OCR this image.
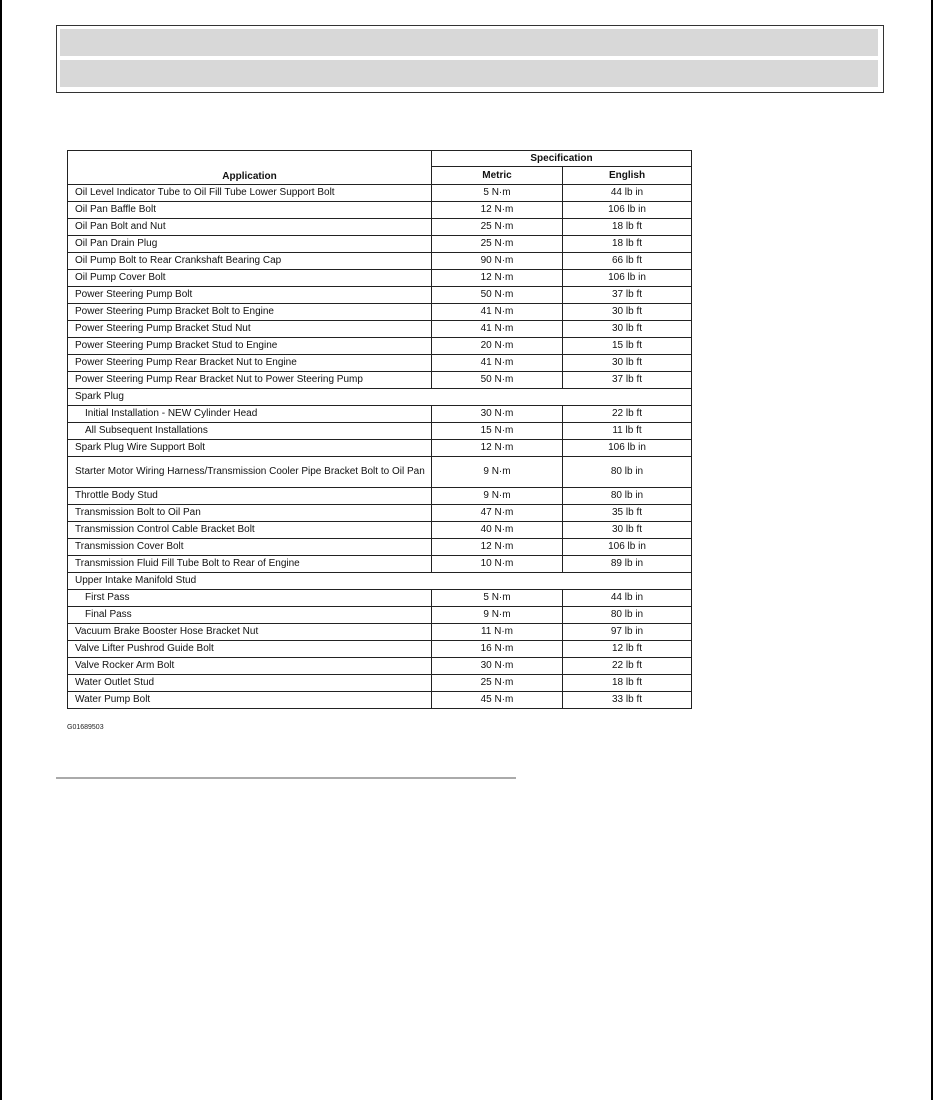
Application	Specification	
	Metric	English
Oil Level Indicator Tube to Oil Fill Tube Lower Support Bolt	5 N·m	44 lb in
Oil Pan Baffle Bolt	12 N·m	106 lb in
Oil Pan Bolt and Nut	25 N·m	18 lb ft
Oil Pan Drain Plug	25 N·m	18 lb ft
Oil Pump Bolt to Rear Crankshaft Bearing Cap	90 N·m	66 lb ft
Oil Pump Cover Bolt	12 N·m	106 lb in
Power Steering Pump Bolt	50 N·m	37 lb ft
Power Steering Pump Bracket Bolt to Engine	41 N·m	30 lb ft
Power Steering Pump Bracket Stud Nut	41 N·m	30 lb ft
Power Steering Pump Bracket Stud to Engine	20 N·m	15 lb ft
Power Steering Pump Rear Bracket Nut to Engine	41 N·m	30 lb ft
Power Steering Pump Rear Bracket Nut to Power Steering Pump	50 N·m	37 lb ft
Spark Plug		
Initial Installation - NEW Cylinder Head	30 N·m	22 lb ft
All Subsequent Installations	15 N·m	11 lb ft
Spark Plug Wire Support Bolt	12 N·m	106 lb in
Starter Motor Wiring Harness/Transmission Cooler Pipe Bracket Bolt to Oil Pan	9 N·m	80 lb in
Throttle Body Stud	9 N·m	80 lb in
Transmission Bolt to Oil Pan	47 N·m	35 lb ft
Transmission Control Cable Bracket Bolt	40 N·m	30 lb ft
Transmission Cover Bolt	12 N·m	106 lb in
Transmission Fluid Fill Tube Bolt to Rear of Engine	10 N·m	89 lb in
Upper Intake Manifold Stud		
First Pass	5 N·m	44 lb in
Final Pass	9 N·m	80 lb in
Vacuum Brake Booster Hose Bracket Nut	11 N·m	97 lb in
Valve Lifter Pushrod Guide Bolt	16 N·m	12 lb ft
Valve Rocker Arm Bolt	30 N·m	22 lb ft
Water Outlet Stud	25 N·m	18 lb ft
Water Pump Bolt	45 N·m	33 lb ft
G01689503
